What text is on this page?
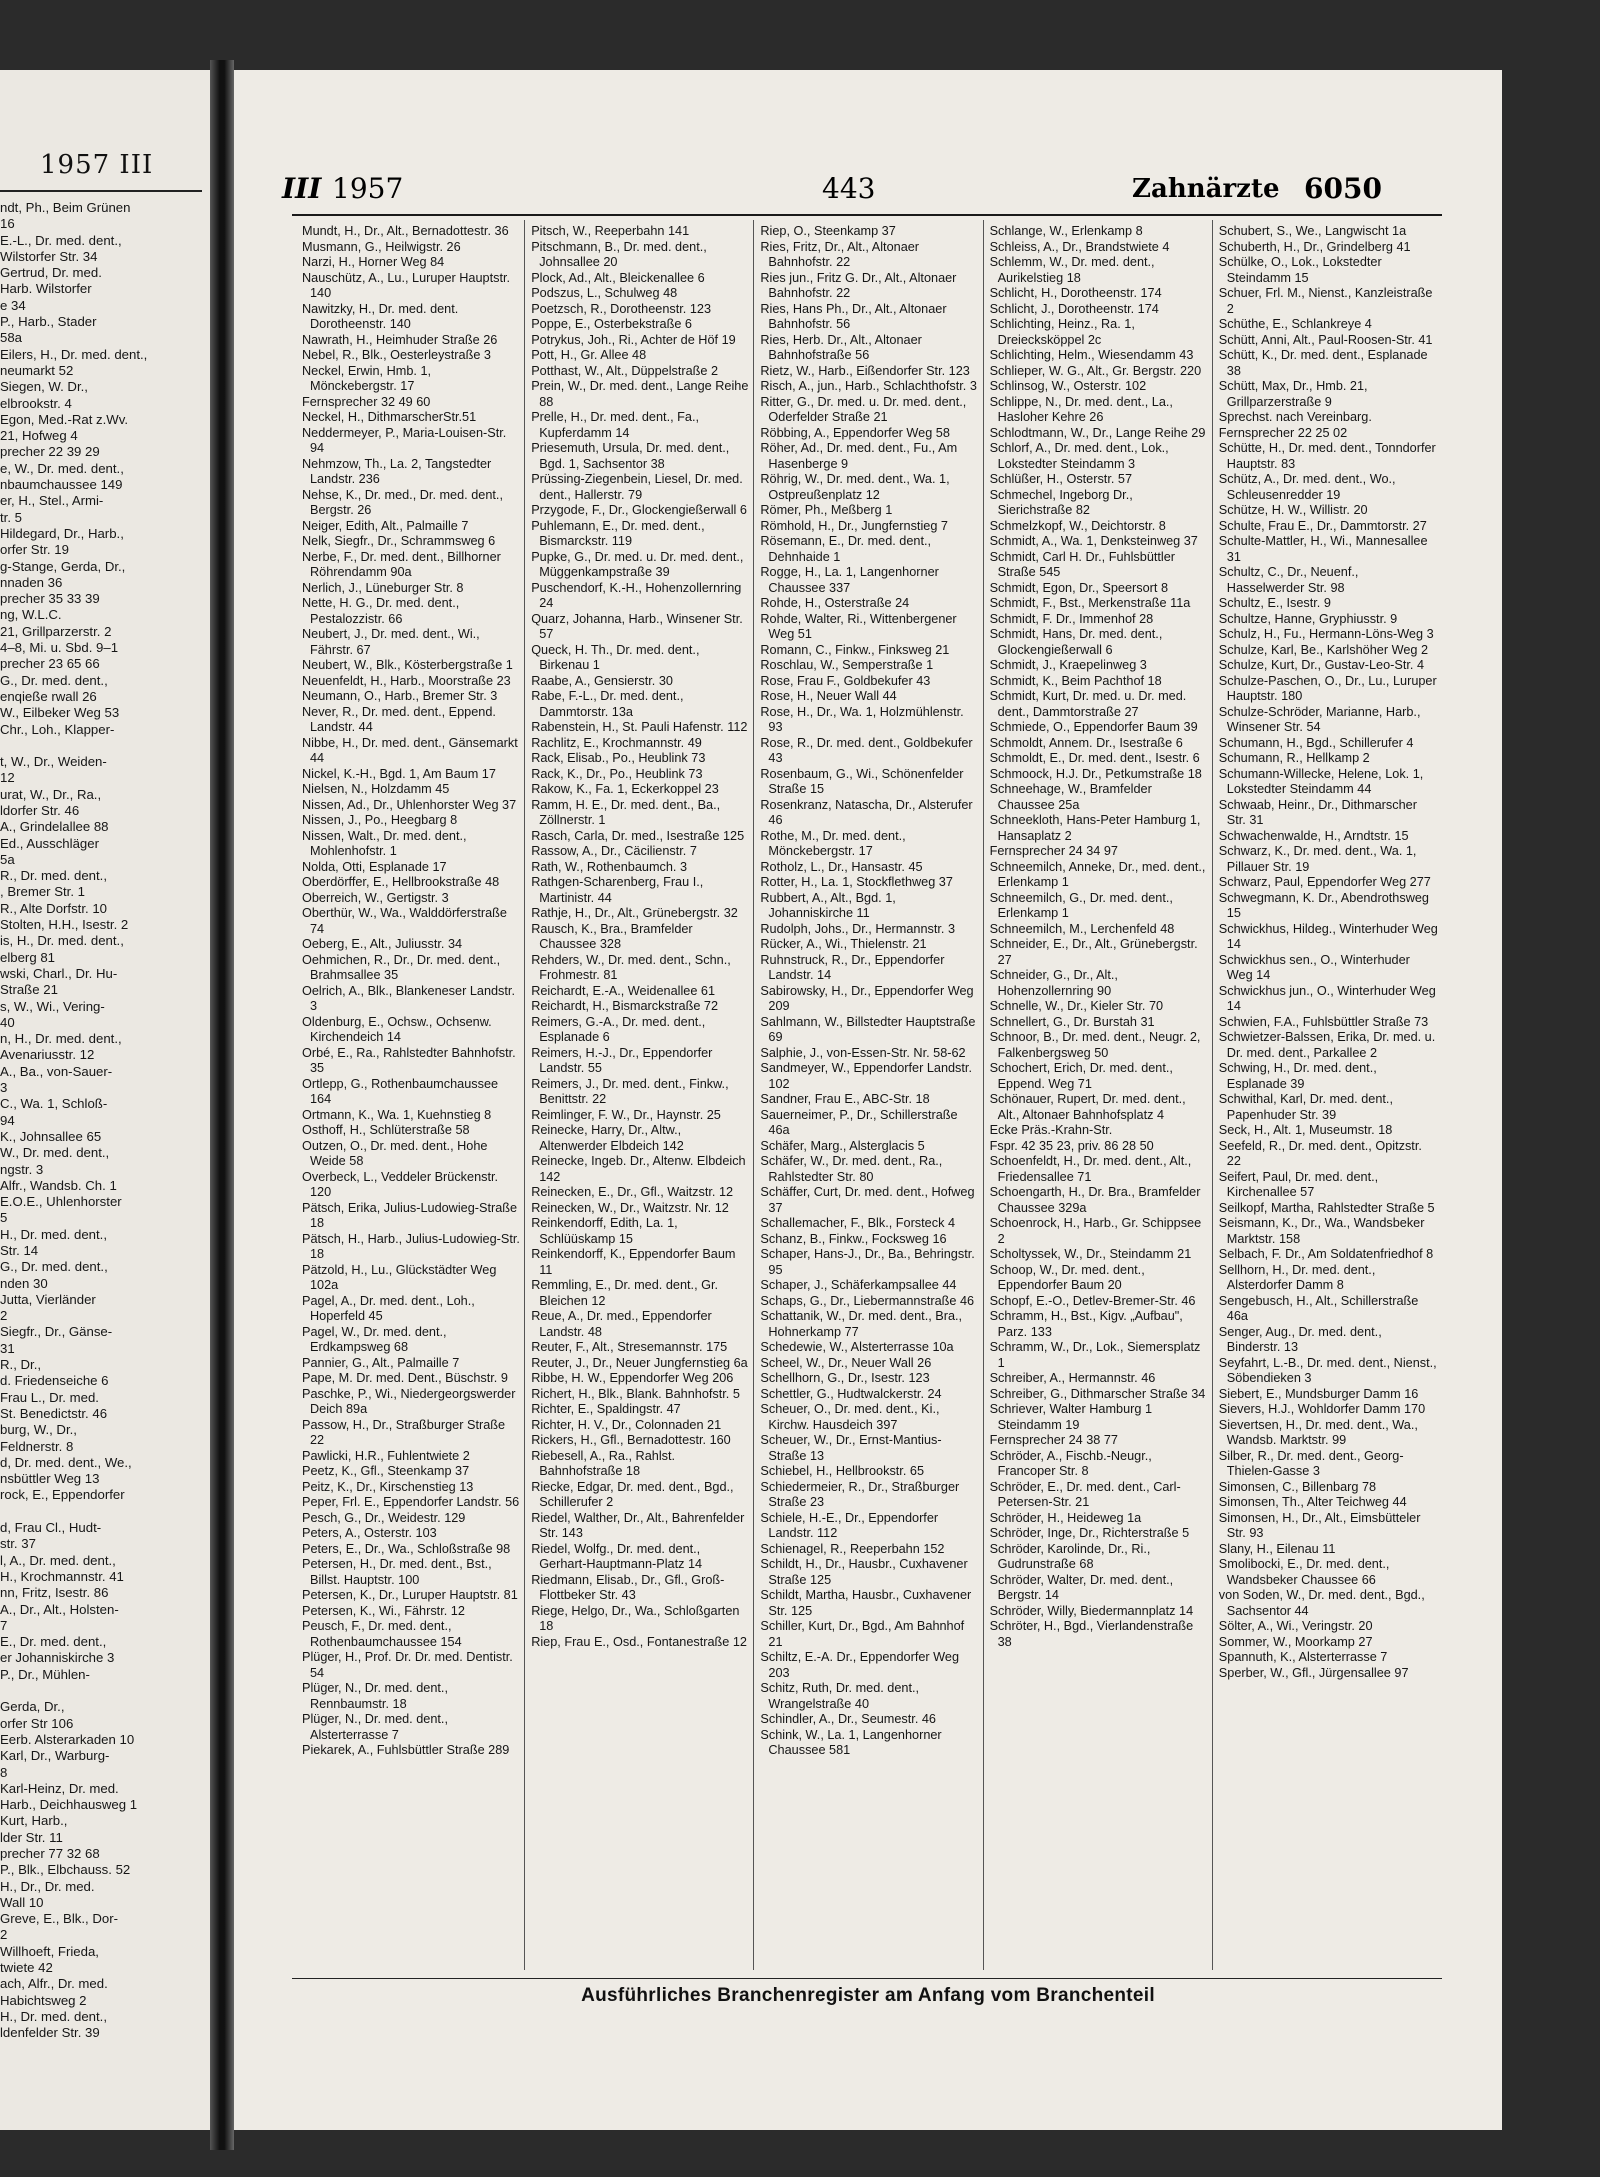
1957 III
ndt, Ph., Beim Grünen
16
E.-L., Dr. med. dent.,
Wilstorfer Str. 34
Gertrud, Dr. med.
Harb. Wilstorfer
e 34
P., Harb., Stader
58a
Eilers, H., Dr. med. dent.,
neumarkt 52
Siegen, W. Dr.,
elbrookstr. 4
Egon, Med.-Rat z.Wv.
21, Hofweg 4
precher 22 39 29
e, W., Dr. med. dent.,
nbaumchaussee 149
er, H., Stel., Armi-
tr. 5
Hildegard, Dr., Harb.,
orfer Str. 19
g-Stange, Gerda, Dr.,
nnaden 36
precher 35 33 39
ng, W.L.C.
21, Grillparzerstr. 2
4–8, Mi. u. Sbd. 9–1
precher 23 65 66
G., Dr. med. dent.,
enqieße rwall 26
W., Eilbeker Weg 53
Chr., Loh., Klapper-

t, W., Dr., Weiden-
12
urat, W., Dr., Ra.,
ldorfer Str. 46
A., Grindelallee 88
Ed., Ausschläger
5a
R., Dr. med. dent.,
, Bremer Str. 1
R., Alte Dorfstr. 10
Stolten, H.H., Isestr. 2
is, H., Dr. med. dent.,
elberg 81
wski, Charl., Dr. Hu-
Straße 21
s, W., Wi., Vering-
40
n, H., Dr. med. dent.,
Avenariusstr. 12
A., Ba., von-Sauer-
3
C., Wa. 1, Schloß-
94
K., Johnsallee 65
W., Dr. med. dent.,
ngstr. 3
Alfr., Wandsb. Ch. 1
E.O.E., Uhlenhorster
5
H., Dr. med. dent.,
Str. 14
G., Dr. med. dent.,
nden 30
Jutta, Vierländer
2
Siegfr., Dr., Gänse-
31
R., Dr.,
d. Friedenseiche 6
Frau L., Dr. med.
St. Benedictstr. 46
burg, W., Dr.,
Feldnerstr. 8
d, Dr. med. dent., We.,
nsbüttler Weg 13
rock, E., Eppendorfer

d, Frau Cl., Hudt-
str. 37
l, A., Dr. med. dent.,
H., Krochmannstr. 41
nn, Fritz, Isestr. 86
A., Dr., Alt., Holsten-
7
E., Dr. med. dent.,
er Johanniskirche 3
P., Dr., Mühlen-

Gerda, Dr.,
orfer Str 106
Eerb. Alsterarkaden 10
Karl, Dr., Warburg-
8
Karl-Heinz, Dr. med.
Harb., Deichhausweg 1
Kurt, Harb.,
lder Str. 11
precher 77 32 68
P., Blk., Elbchauss. 52
H., Dr., Dr. med.
Wall 10
Greve, E., Blk., Dor-
2
Willhoeft, Frieda,
twiete 42
ach, Alfr., Dr. med.
Habichtsweg 2
H., Dr. med. dent.,
ldenfelder Str. 39
III 1957	443	Zahnärzte 6050

Mundt, H., Dr., Alt., Bernadottestr. 36

Musmann, G., Heilwigstr. 26

Narzi, H., Horner Weg 84

Nauschütz, A., Lu., Luruper Hauptstr. 140

Nawitzky, H., Dr. med. dent. Dorotheenstr. 140

Nawrath, H., Heimhuder Straße 26

Nebel, R., Blk., Oesterleystraße 3

Neckel, Erwin, Hmb. 1, Mönckebergstr. 17

Fernsprecher 32 49 60

Neckel, H., DithmarscherStr.51

Neddermeyer, P., Maria-Louisen-Str. 94

Nehmzow, Th., La. 2, Tangstedter Landstr. 236

Nehse, K., Dr. med., Dr. med. dent., Bergstr. 26

Neiger, Edith, Alt., Palmaille 7

Nelk, Siegfr., Dr., Schrammsweg 6

Nerbe, F., Dr. med. dent., Billhorner Röhrendamm 90a

Nerlich, J., Lüneburger Str. 8

Nette, H. G., Dr. med. dent., Pestalozzistr. 66

Neubert, J., Dr. med. dent., Wi., Fährstr. 67

Neubert, W., Blk., Kösterbergstraße 1

Neuenfeldt, H., Harb., Moorstraße 23

Neumann, O., Harb., Bremer Str. 3

Never, R., Dr. med. dent., Eppend. Landstr. 44

Nibbe, H., Dr. med. dent., Gänsemarkt 44

Nickel, K.-H., Bgd. 1, Am Baum 17

Nielsen, N., Holzdamm 45

Nissen, Ad., Dr., Uhlenhorster Weg 37

Nissen, J., Po., Heegbarg 8

Nissen, Walt., Dr. med. dent., Mohlenhofstr. 1

Nolda, Otti, Esplanade 17

Oberdörffer, E., Hellbrookstraße 48

Oberreich, W., Gertigstr. 3

Oberthür, W., Wa., Walddörferstraße 74

Oeberg, E., Alt., Juliusstr. 34

Oehmichen, R., Dr., Dr. med. dent., Brahmsallee 35

Oelrich, A., Blk., Blankeneser Landstr. 3

Oldenburg, E., Ochsw., Ochsenw. Kirchendeich 14

Orbé, E., Ra., Rahlstedter Bahnhofstr. 35

Ortlepp, G., Rothenbaumchaussee 164

Ortmann, K., Wa. 1, Kuehnstieg 8

Osthoff, H., Schlüterstraße 58

Outzen, O., Dr. med. dent., Hohe Weide 58

Overbeck, L., Veddeler Brückenstr. 120

Pätsch, Erika, Julius-Ludowieg-Straße 18

Pätsch, H., Harb., Julius-Ludowieg-Str. 18

Pätzold, H., Lu., Glückstädter Weg 102a

Pagel, A., Dr. med. dent., Loh., Hoperfeld 45

Pagel, W., Dr. med. dent., Erdkampsweg 68

Pannier, G., Alt., Palmaille 7

Pape, M. Dr. med. Dent., Büschstr. 9

Paschke, P., Wi., Niedergeorgswerder Deich 89a

Passow, H., Dr., Straßburger Straße 22

Pawlicki, H.R., Fuhlentwiete 2

Peetz, K., Gfl., Steenkamp 37

Peitz, K., Dr., Kirschenstieg 13

Peper, Frl. E., Eppendorfer Landstr. 56

Pesch, G., Dr., Weidestr. 129

Peters, A., Osterstr. 103

Peters, E., Dr., Wa., Schloßstraße 98

Petersen, H., Dr. med. dent., Bst., Billst. Hauptstr. 100

Petersen, K., Dr., Luruper Hauptstr. 81

Petersen, K., Wi., Fährstr. 12

Peusch, F., Dr. med. dent., Rothenbaumchaussee 154

Plüger, H., Prof. Dr. Dr. med. Dentistr. 54

Plüger, N., Dr. med. dent., Rennbaumstr. 18

Plüger, N., Dr. med. dent., Alsterterrasse 7

Piekarek, A., Fuhlsbüttler Straße 289

Pitsch, W., Reeperbahn 141

Pitschmann, B., Dr. med. dent., Johnsallee 20

Plock, Ad., Alt., Bleickenallee 6

Podszus, L., Schulweg 48

Poetzsch, R., Dorotheenstr. 123

Poppe, E., Osterbekstraße 6

Potrykus, Joh., Ri., Achter de Höf 19

Pott, H., Gr. Allee 48

Potthast, W., Alt., Düppelstraße 2

Prein, W., Dr. med. dent., Lange Reihe 88

Prelle, H., Dr. med. dent., Fa., Kupferdamm 14

Priesemuth, Ursula, Dr. med. dent., Bgd. 1, Sachsentor 38

Prüssing-Ziegenbein, Liesel, Dr. med. dent., Hallerstr. 79

Przygode, F., Dr., Glockengießerwall 6

Puhlemann, E., Dr. med. dent., Bismarckstr. 119

Pupke, G., Dr. med. u. Dr. med. dent., Müggenkampstraße 39

Puschendorf, K.-H., Hohenzollernring 24

Quarz, Johanna, Harb., Winsener Str. 57

Queck, H. Th., Dr. med. dent., Birkenau 1

Raabe, A., Gensierstr. 30

Rabe, F.-L., Dr. med. dent., Dammtorstr. 13a

Rabenstein, H., St. Pauli Hafenstr. 112

Rachlitz, E., Krochmannstr. 49

Rack, Elisab., Po., Heublink 73

Rack, K., Dr., Po., Heublink 73

Rakow, K., Fa. 1, Eckerkoppel 23

Ramm, H. E., Dr. med. dent., Ba., Zöllnerstr. 1

Rasch, Carla, Dr. med., Isestraße 125

Rassow, A., Dr., Cäcilienstr. 7

Rath, W., Rothenbaumch. 3

Rathgen-Scharenberg, Frau I., Martinistr. 44

Rathje, H., Dr., Alt., Grünebergstr. 32

Rausch, K., Bra., Bramfelder Chaussee 328

Rehders, W., Dr. med. dent., Schn., Frohmestr. 81

Reichardt, E.-A., Weidenallee 61

Reichardt, H., Bismarckstraße 72

Reimers, G.-A., Dr. med. dent., Esplanade 6

Reimers, H.-J., Dr., Eppendorfer Landstr. 55

Reimers, J., Dr. med. dent., Finkw., Benittstr. 22

Reimlinger, F. W., Dr., Haynstr. 25

Reinecke, Harry, Dr., Altw., Altenwerder Elbdeich 142

Reinecke, Ingeb. Dr., Altenw. Elbdeich 142

Reinecken, E., Dr., Gfl., Waitzstr. 12

Reinecken, W., Dr., Waitzstr. Nr. 12

Reinkendorff, Edith, La. 1, Schlüüskamp 15

Reinkendorff, K., Eppendorfer Baum 11

Remmling, E., Dr. med. dent., Gr. Bleichen 12

Reue, A., Dr. med., Eppendorfer Landstr. 48

Reuter, F., Alt., Stresemannstr. 175

Reuter, J., Dr., Neuer Jungfernstieg 6a

Ribbe, H. W., Eppendorfer Weg 206

Richert, H., Blk., Blank. Bahnhofstr. 5

Richter, E., Spaldingstr. 47

Richter, H. V., Dr., Colonnaden 21

Rickers, H., Gfl., Bernadottestr. 160

Riebesell, A., Ra., Rahlst. Bahnhofstraße 18

Riecke, Edgar, Dr. med. dent., Bgd., Schillerufer 2

Riedel, Walther, Dr., Alt., Bahrenfelder Str. 143

Riedel, Wolfg., Dr. med. dent., Gerhart-Hauptmann-Platz 14

Riedmann, Elisab., Dr., Gfl., Groß-Flottbeker Str. 43

Riege, Helgo, Dr., Wa., Schloßgarten 18

Riep, Frau E., Osd., Fontanestraße 12

Riep, O., Steenkamp 37

Ries, Fritz, Dr., Alt., Altonaer Bahnhofstr. 22

Ries jun., Fritz G. Dr., Alt., Altonaer Bahnhofstr. 22

Ries, Hans Ph., Dr., Alt., Altonaer Bahnhofstr. 56

Ries, Herb. Dr., Alt., Altonaer Bahnhofstraße 56

Rietz, W., Harb., Eißendorfer Str. 123

Risch, A., jun., Harb., Schlachthofstr. 3

Ritter, G., Dr. med. u. Dr. med. dent., Oderfelder Straße 21

Röbbing, A., Eppendorfer Weg 58

Röher, Ad., Dr. med. dent., Fu., Am Hasenberge 9

Röhrig, W., Dr. med. dent., Wa. 1, Ostpreußenplatz 12

Römer, Ph., Meßberg 1

Römhold, H., Dr., Jungfernstieg 7

Rösemann, E., Dr. med. dent., Dehnhaide 1

Rogge, H., La. 1, Langenhorner Chaussee 337

Rohde, H., Osterstraße 24

Rohde, Walter, Ri., Wittenbergener Weg 51

Romann, C., Finkw., Finksweg 21

Roschlau, W., Semperstraße 1

Rose, Frau F., Goldbekufer 43

Rose, H., Neuer Wall 44

Rose, H., Dr., Wa. 1, Holzmühlenstr. 93

Rose, R., Dr. med. dent., Goldbekufer 43

Rosenbaum, G., Wi., Schönenfelder Straße 15

Rosenkranz, Natascha, Dr., Alsterufer 46

Rothe, M., Dr. med. dent., Mönckebergstr. 17

Rotholz, L., Dr., Hansastr. 45

Rotter, H., La. 1, Stockflethweg 37

Rubbert, A., Alt., Bgd. 1, Johanniskirche 11

Rudolph, Johs., Dr., Hermannstr. 3

Rücker, A., Wi., Thielenstr. 21

Ruhnstruck, R., Dr., Eppendorfer Landstr. 14

Sabirowsky, H., Dr., Eppendorfer Weg 209

Sahlmann, W., Billstedter Hauptstraße 69

Salphie, J., von-Essen-Str. Nr. 58-62

Sandmeyer, W., Eppendorfer Landstr. 102

Sandner, Frau E., ABC-Str. 18

Sauerneimer, P., Dr., Schillerstraße 46a

Schäfer, Marg., Alsterglacis 5

Schäfer, W., Dr. med. dent., Ra., Rahlstedter Str. 80

Schäffer, Curt, Dr. med. dent., Hofweg 37

Schallemacher, F., Blk., Forsteck 4

Schanz, B., Finkw., Focksweg 16

Schaper, Hans-J., Dr., Ba., Behringstr. 95

Schaper, J., Schäferkampsallee 44

Schaps, G., Dr., Liebermannstraße 46

Schattanik, W., Dr. med. dent., Bra., Hohnerkamp 77

Schedewie, W., Alsterterrasse 10a

Scheel, W., Dr., Neuer Wall 26

Schellhorn, G., Dr., Isestr. 123

Schettler, G., Hudtwalckerstr. 24

Scheuer, O., Dr. med. dent., Ki., Kirchw. Hausdeich 397

Scheuer, W., Dr., Ernst-Mantius-Straße 13

Schiebel, H., Hellbrookstr. 65

Schiedermeier, R., Dr., Straßburger Straße 23

Schiele, H.-E., Dr., Eppendorfer Landstr. 112

Schienagel, R., Reeperbahn 152

Schildt, H., Dr., Hausbr., Cuxhavener Straße 125

Schildt, Martha, Hausbr., Cuxhavener Str. 125

Schiller, Kurt, Dr., Bgd., Am Bahnhof 21

Schiltz, E.-A. Dr., Eppendorfer Weg 203

Schitz, Ruth, Dr. med. dent., Wrangelstraße 40

Schindler, A., Dr., Seumestr. 46

Schink, W., La. 1, Langenhorner Chaussee 581

Schlange, W., Erlenkamp 8

Schleiss, A., Dr., Brandstwiete 4

Schlemm, W., Dr. med. dent., Aurikelstieg 18

Schlicht, H., Dorotheenstr. 174

Schlicht, J., Dorotheenstr. 174

Schlichting, Heinz., Ra. 1, Dreiecksköppel 2c

Schlichting, Helm., Wiesendamm 43

Schlieper, W. G., Alt., Gr. Bergstr. 220

Schlinsog, W., Osterstr. 102

Schlippe, N., Dr. med. dent., La., Hasloher Kehre 26

Schlodtmann, W., Dr., Lange Reihe 29

Schlorf, A., Dr. med. dent., Lok., Lokstedter Steindamm 3

Schlüßer, H., Osterstr. 57

Schmechel, Ingeborg Dr., Sierichstraße 82

Schmelzkopf, W., Deichtorstr. 8

Schmidt, A., Wa. 1, Denksteinweg 37

Schmidt, Carl H. Dr., Fuhlsbüttler Straße 545

Schmidt, Egon, Dr., Speersort 8

Schmidt, F., Bst., Merkenstraße 11a

Schmidt, F. Dr., Immenhof 28

Schmidt, Hans, Dr. med. dent., Glockengießerwall 6

Schmidt, J., Kraepelinweg 3

Schmidt, K., Beim Pachthof 18

Schmidt, Kurt, Dr. med. u. Dr. med. dent., Dammtorstraße 27

Schmiede, O., Eppendorfer Baum 39

Schmoldt, Annem. Dr., Isestraße 6

Schmoldt, E., Dr. med. dent., Isestr. 6

Schmoock, H.J. Dr., Petkumstraße 18

Schneehage, W., Bramfelder Chaussee 25a

Schneekloth, Hans-Peter Hamburg 1, Hansaplatz 2

Fernsprecher 24 34 97

Schneemilch, Anneke, Dr., med. dent., Erlenkamp 1

Schneemilch, G., Dr. med. dent., Erlenkamp 1

Schneemilch, M., Lerchenfeld 48

Schneider, E., Dr., Alt., Grünebergstr. 27

Schneider, G., Dr., Alt., Hohenzollernring 90

Schnelle, W., Dr., Kieler Str. 70

Schnellert, G., Dr. Burstah 31

Schnoor, B., Dr. med. dent., Neugr. 2, Falkenbergsweg 50

Schochert, Erich, Dr. med. dent., Eppend. Weg 71

Schönauer, Rupert, Dr. med. dent., Alt., Altonaer Bahnhofsplatz 4

Ecke Präs.-Krahn-Str.

Fspr. 42 35 23, priv. 86 28 50

Schoenfeldt, H., Dr. med. dent., Alt., Friedensallee 71

Schoengarth, H., Dr. Bra., Bramfelder Chaussee 329a

Schoenrock, H., Harb., Gr. Schippsee 2

Scholtyssek, W., Dr., Steindamm 21

Schoop, W., Dr. med. dent., Eppendorfer Baum 20

Schopf, E.-O., Detlev-Bremer-Str. 46

Schramm, H., Bst., Kigv. „Aufbau", Parz. 133

Schramm, W., Dr., Lok., Siemersplatz 1

Schreiber, A., Hermannstr. 46

Schreiber, G., Dithmarscher Straße 34

Schriever, Walter Hamburg 1 Steindamm 19

Fernsprecher 24 38 77

Schröder, A., Fischb.-Neugr., Francoper Str. 8

Schröder, E., Dr. med. dent., Carl-Petersen-Str. 21

Schröder, H., Heideweg 1a

Schröder, Inge, Dr., Richterstraße 5

Schröder, Karolinde, Dr., Ri., Gudrunstraße 68

Schröder, Walter, Dr. med. dent., Bergstr. 14

Schröder, Willy, Biedermannplatz 14

Schröter, H., Bgd., Vierlandenstraße 38

Schubert, S., We., Langwischt 1a

Schuberth, H., Dr., Grindelberg 41

Schülke, O., Lok., Lokstedter Steindamm 15

Schuer, Frl. M., Nienst., Kanzleistraße 2

Schüthe, E., Schlankreye 4

Schütt, Anni, Alt., Paul-Roosen-Str. 41

Schütt, K., Dr. med. dent., Esplanade 38

Schütt, Max, Dr., Hmb. 21, Grillparzerstraße 9

Sprechst. nach Vereinbarg.

Fernsprecher 22 25 02

Schütte, H., Dr. med. dent., Tonndorfer Hauptstr. 83

Schütz, A., Dr. med. dent., Wo., Schleusenredder 19

Schütze, H. W., Willistr. 20

Schulte, Frau E., Dr., Dammtorstr. 27

Schulte-Mattler, H., Wi., Mannesallee 31

Schultz, C., Dr., Neuenf., Hasselwerder Str. 98

Schultz, E., Isestr. 9

Schultze, Hanne, Gryphiusstr. 9

Schulz, H., Fu., Hermann-Löns-Weg 3

Schulze, Karl, Be., Karlshöher Weg 2

Schulze, Kurt, Dr., Gustav-Leo-Str. 4

Schulze-Paschen, O., Dr., Lu., Luruper Hauptstr. 180

Schulze-Schröder, Marianne, Harb., Winsener Str. 54

Schumann, H., Bgd., Schillerufer 4

Schumann, R., Hellkamp 2

Schumann-Willecke, Helene, Lok. 1, Lokstedter Steindamm 44

Schwaab, Heinr., Dr., Dithmarscher Str. 31

Schwachenwalde, H., Arndtstr. 15

Schwarz, K., Dr. med. dent., Wa. 1, Pillauer Str. 19

Schwarz, Paul, Eppendorfer Weg 277

Schwegmann, K. Dr., Abendrothsweg 15

Schwickhus, Hildeg., Winterhuder Weg 14

Schwickhus sen., O., Winterhuder Weg 14

Schwickhus jun., O., Winterhuder Weg 14

Schwien, F.A., Fuhlsbüttler Straße 73

Schwietzer-Balssen, Erika, Dr. med. u. Dr. med. dent., Parkallee 2

Schwing, H., Dr. med. dent., Esplanade 39

Schwithal, Karl, Dr. med. dent., Papenhuder Str. 39

Seck, H., Alt. 1, Museumstr. 18

Seefeld, R., Dr. med. dent., Opitzstr. 22

Seifert, Paul, Dr. med. dent., Kirchenallee 57

Seilkopf, Martha, Rahlstedter Straße 5

Seismann, K., Dr., Wa., Wandsbeker Marktstr. 158

Selbach, F. Dr., Am Soldatenfriedhof 8

Sellhorn, H., Dr. med. dent., Alsterdorfer Damm 8

Sengebusch, H., Alt., Schillerstraße 46a

Senger, Aug., Dr. med. dent., Binderstr. 13

Seyfahrt, L.-B., Dr. med. dent., Nienst., Söbendieken 3

Siebert, E., Mundsburger Damm 16

Sievers, H.J., Wohldorfer Damm 170

Sievertsen, H., Dr. med. dent., Wa., Wandsb. Marktstr. 99

Silber, R., Dr. med. dent., Georg-Thielen-Gasse 3

Simonsen, C., Billenbarg 78

Simonsen, Th., Alter Teichweg 44

Simonsen, H., Dr., Alt., Eimsbütteler Str. 93

Slany, H., Eilenau 11

Smolibocki, E., Dr. med. dent., Wandsbeker Chaussee 66

von Soden, W., Dr. med. dent., Bgd., Sachsentor 44

Sölter, A., Wi., Veringstr. 20

Sommer, W., Moorkamp 27

Spannuth, K., Alsterterrasse 7

Sperber, W., Gfl., Jürgensallee 97

Ausführliches Branchenregister am Anfang vom Branchenteil
